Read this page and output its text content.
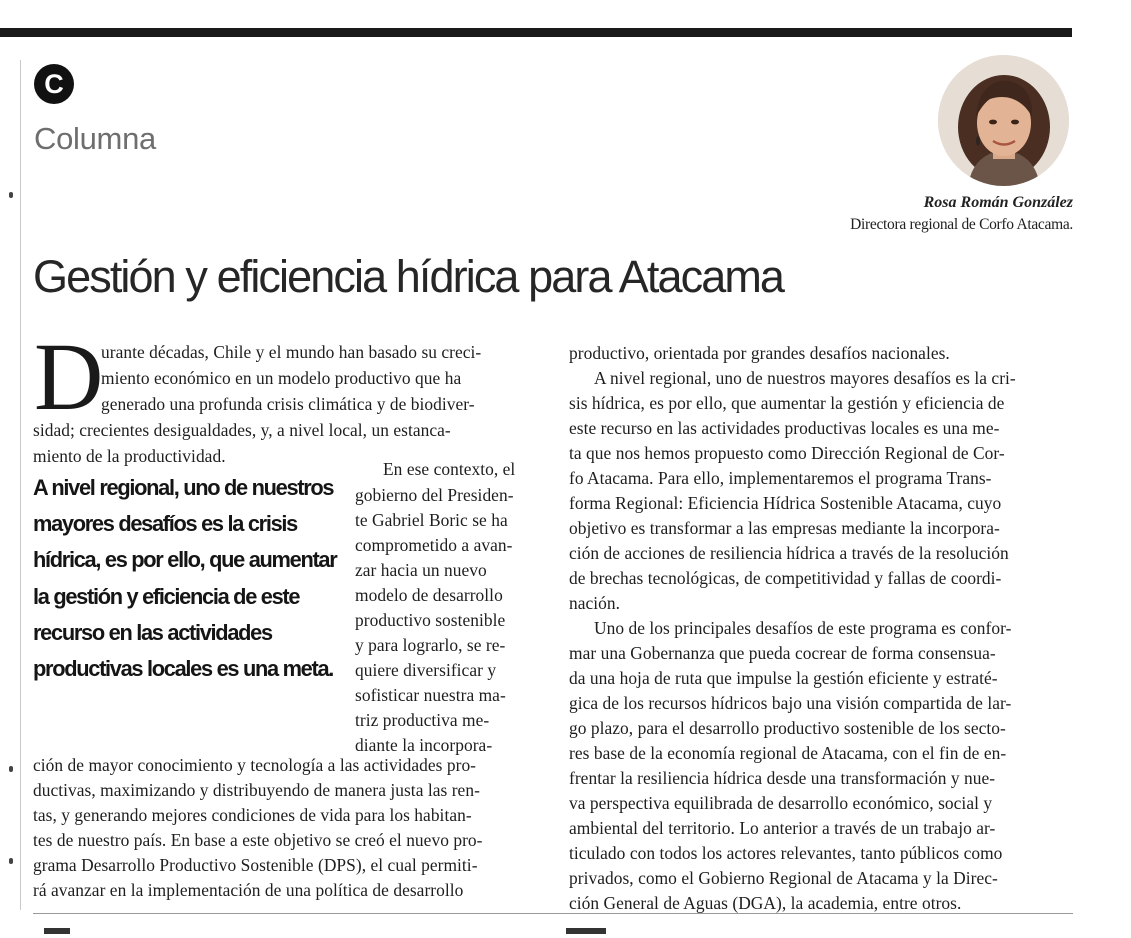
C
Columna
Rosa Román González
Directora regional de Corfo Atacama.
Gestión y eficiencia hídrica para Atacama
D

urante décadas, Chile y el mundo han basado su creci-

miento económico en un modelo productivo que ha

generado una profunda crisis climática y de biodiver-

sidad; crecientes desigualdades, y, a nivel local, un estanca-

miento de la productividad.

A nivel regional, uno de nuestros mayores desafíos es la crisis hídrica, es por ello, que aumentar la gestión y eficiencia de este recurso en las actividades productivas locales es una meta.

En ese contexto, el

gobierno del Presiden-

te Gabriel Boric se ha

comprometido a avan-

zar hacia un nuevo

modelo de desarrollo

productivo sostenible

y para lograrlo, se re-

quiere diversificar y

sofisticar nuestra ma-

triz productiva me-

diante la incorpora-

ción de mayor conocimiento y tecnología a las actividades pro-

ductivas, maximizando y distribuyendo de manera justa las ren-

tas, y generando mejores condiciones de vida para los habitan-

tes de nuestro país. En base a este objetivo se creó el nuevo pro-

grama Desarrollo Productivo Sostenible (DPS), el cual permiti-

rá avanzar en la implementación de una política de desarrollo

productivo, orientada por grandes desafíos nacionales.

A nivel regional, uno de nuestros mayores desafíos es la cri-

sis hídrica, es por ello, que aumentar la gestión y eficiencia de

este recurso en las actividades productivas locales es una me-

ta que nos hemos propuesto como Dirección Regional de Cor-

fo Atacama. Para ello, implementaremos el programa Trans-

forma Regional: Eficiencia Hídrica Sostenible Atacama, cuyo

objetivo es transformar a las empresas mediante la incorpora-

ción de acciones de resiliencia hídrica a través de la resolución

de brechas tecnológicas, de competitividad y fallas de coordi-

nación.

Uno de los principales desafíos de este programa es confor-

mar una Gobernanza que pueda cocrear de forma consensua-

da una hoja de ruta que impulse la gestión eficiente y estraté-

gica de los recursos hídricos bajo una visión compartida de lar-

go plazo, para el desarrollo productivo sostenible de los secto-

res base de la economía regional de Atacama, con el fin de en-

frentar la resiliencia hídrica desde una transformación y nue-

va perspectiva equilibrada de desarrollo económico, social y

ambiental del territorio. Lo anterior a través de un trabajo ar-

ticulado con todos los actores relevantes, tanto públicos como

privados, como el Gobierno Regional de Atacama y la Direc-

ción General de Aguas (DGA), la academia, entre otros.
